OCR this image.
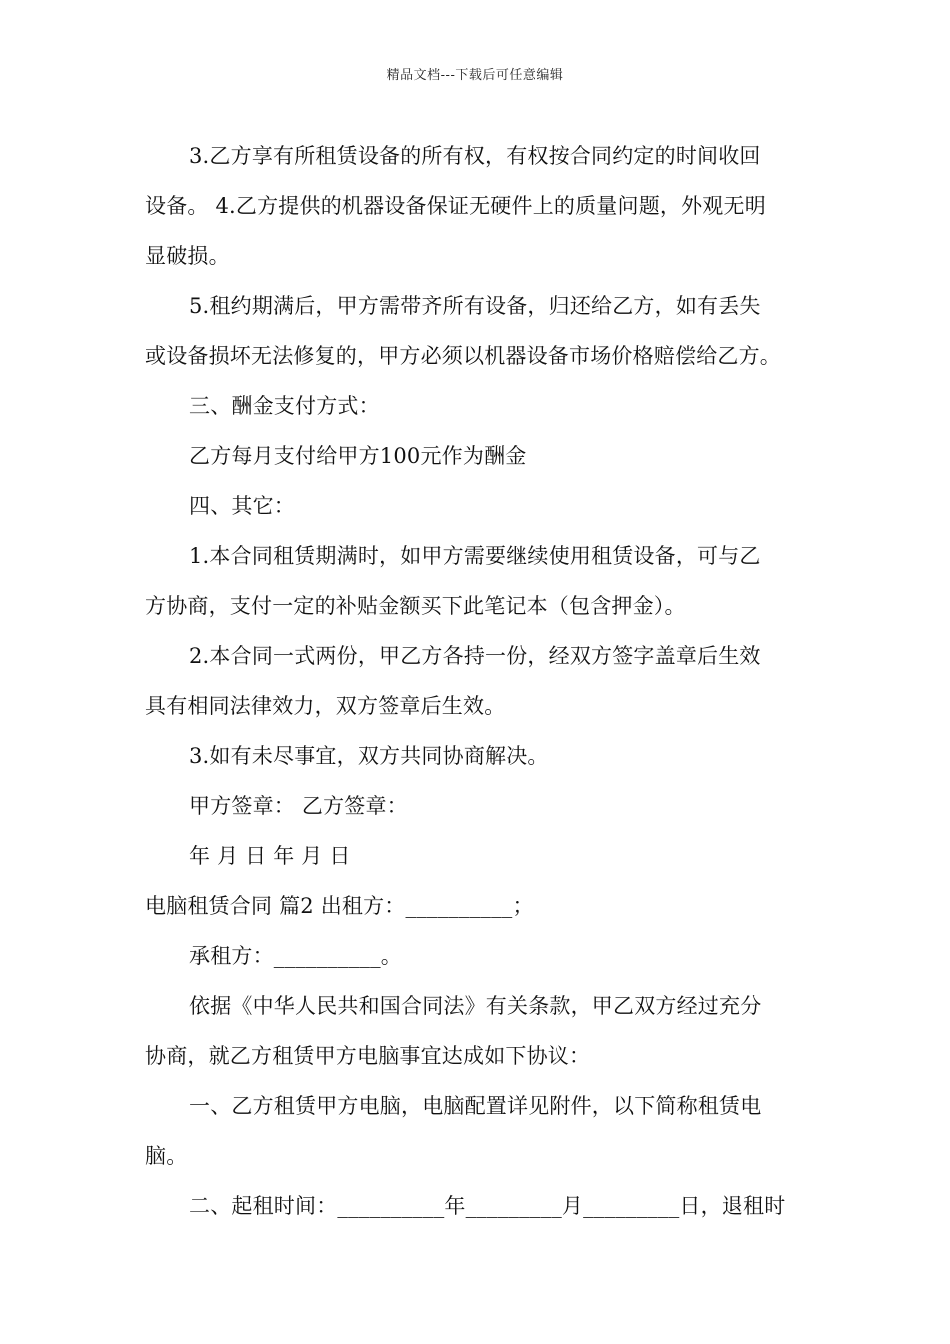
精品文档---下载后可任意编辑
3.乙方享有所租赁设备的所有权，有权按合同约定的时间收回
设备。 4.乙方提供的机器设备保证无硬件上的质量问题，外观无明
显破损。
5.租约期满后，甲方需带齐所有设备，归还给乙方，如有丢失
或设备损坏无法修复的，甲方必须以机器设备市场价格赔偿给乙方。
三、酬金支付方式：
乙方每月支付给甲方100元作为酬金
四、其它：
1.本合同租赁期满时，如甲方需要继续使用租赁设备，可与乙
方协商，支付一定的补贴金额买下此笔记本（包含押金）。
2.本合同一式两份，甲乙方各持一份，经双方签字盖章后生效
具有相同法律效力，双方签章后生效。
3.如有未尽事宜，双方共同协商解决。
甲方签章： 乙方签章：
年 月 日 年 月 日
电脑租赁合同 篇2 出租方：__________；
承租方：__________。
依据《中华人民共和国合同法》有关条款，甲乙双方经过充分
协商，就乙方租赁甲方电脑事宜达成如下协议：
一、乙方租赁甲方电脑，电脑配置详见附件，以下简称租赁电
脑。
二、起租时间：__________年_________月_________日，退租时
